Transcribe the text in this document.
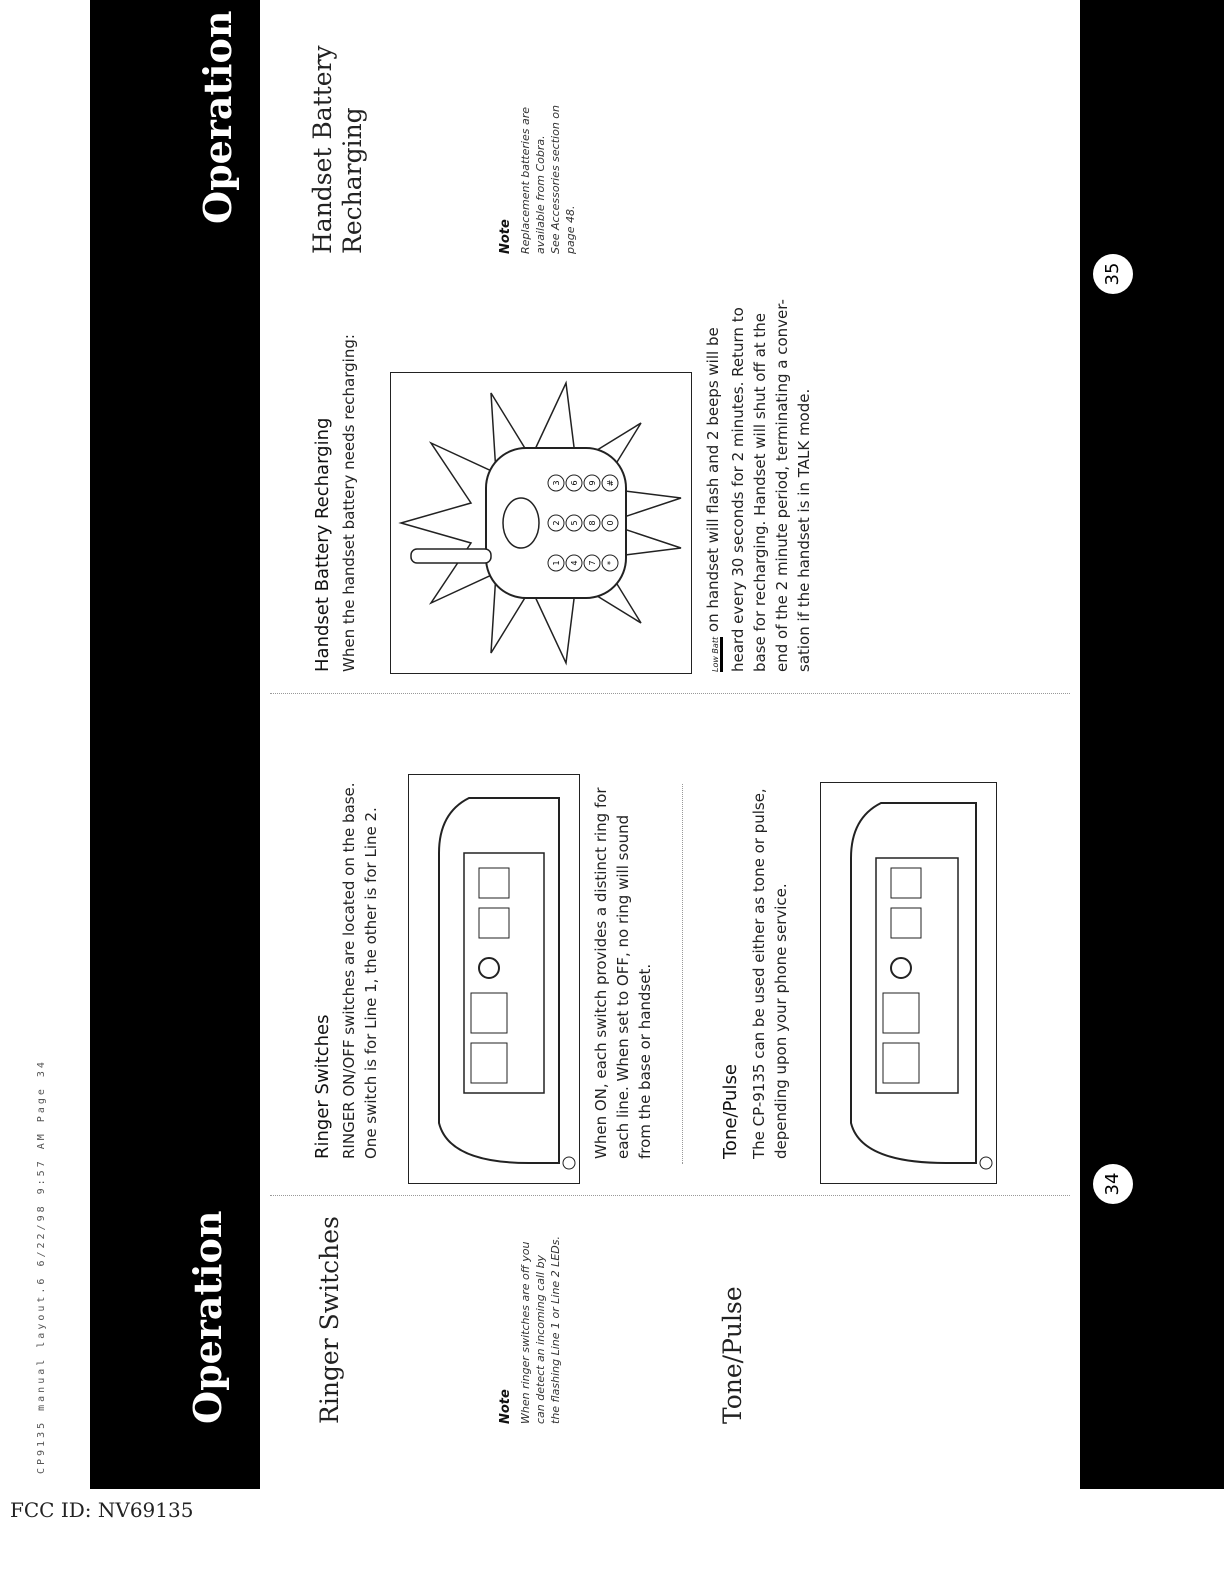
CP9135 manual layout.6 6/22/98 9:57 AM Page 34	Operation
Operation
34
35
Ringer Switches	Note When ringer switches are off you can detect an incoming call by the flashing Line 1 or Line 2 LEDs.	Tone/Pulse
Ringer Switches RINGER ON/OFF switches are located on the base. One switch is for Line 1, the other is for Line 2.	When ON, each switch provides a distinct ring for each line. When set to OFF, no ring will sound from the base or handset.	Tone/Pulse The CP-9135 can be used either as tone or pulse, depending upon your phone service.
Handset Battery Recharging When the handset battery needs recharging:	1
2
3
4
5
6
7
8
9
*
0
#
Low Batt on handset will flash and 2 beeps will be heard every 30 seconds for 2 minutes. Return to base for recharging. Handset will shut off at the end of the 2 minute period, terminating a conver- sation if the handset is in TALK mode.
Handset Battery Recharging	Note Replacement batteries are available from Cobra. See Accessories section on page 48.
FCC ID: NV69135
